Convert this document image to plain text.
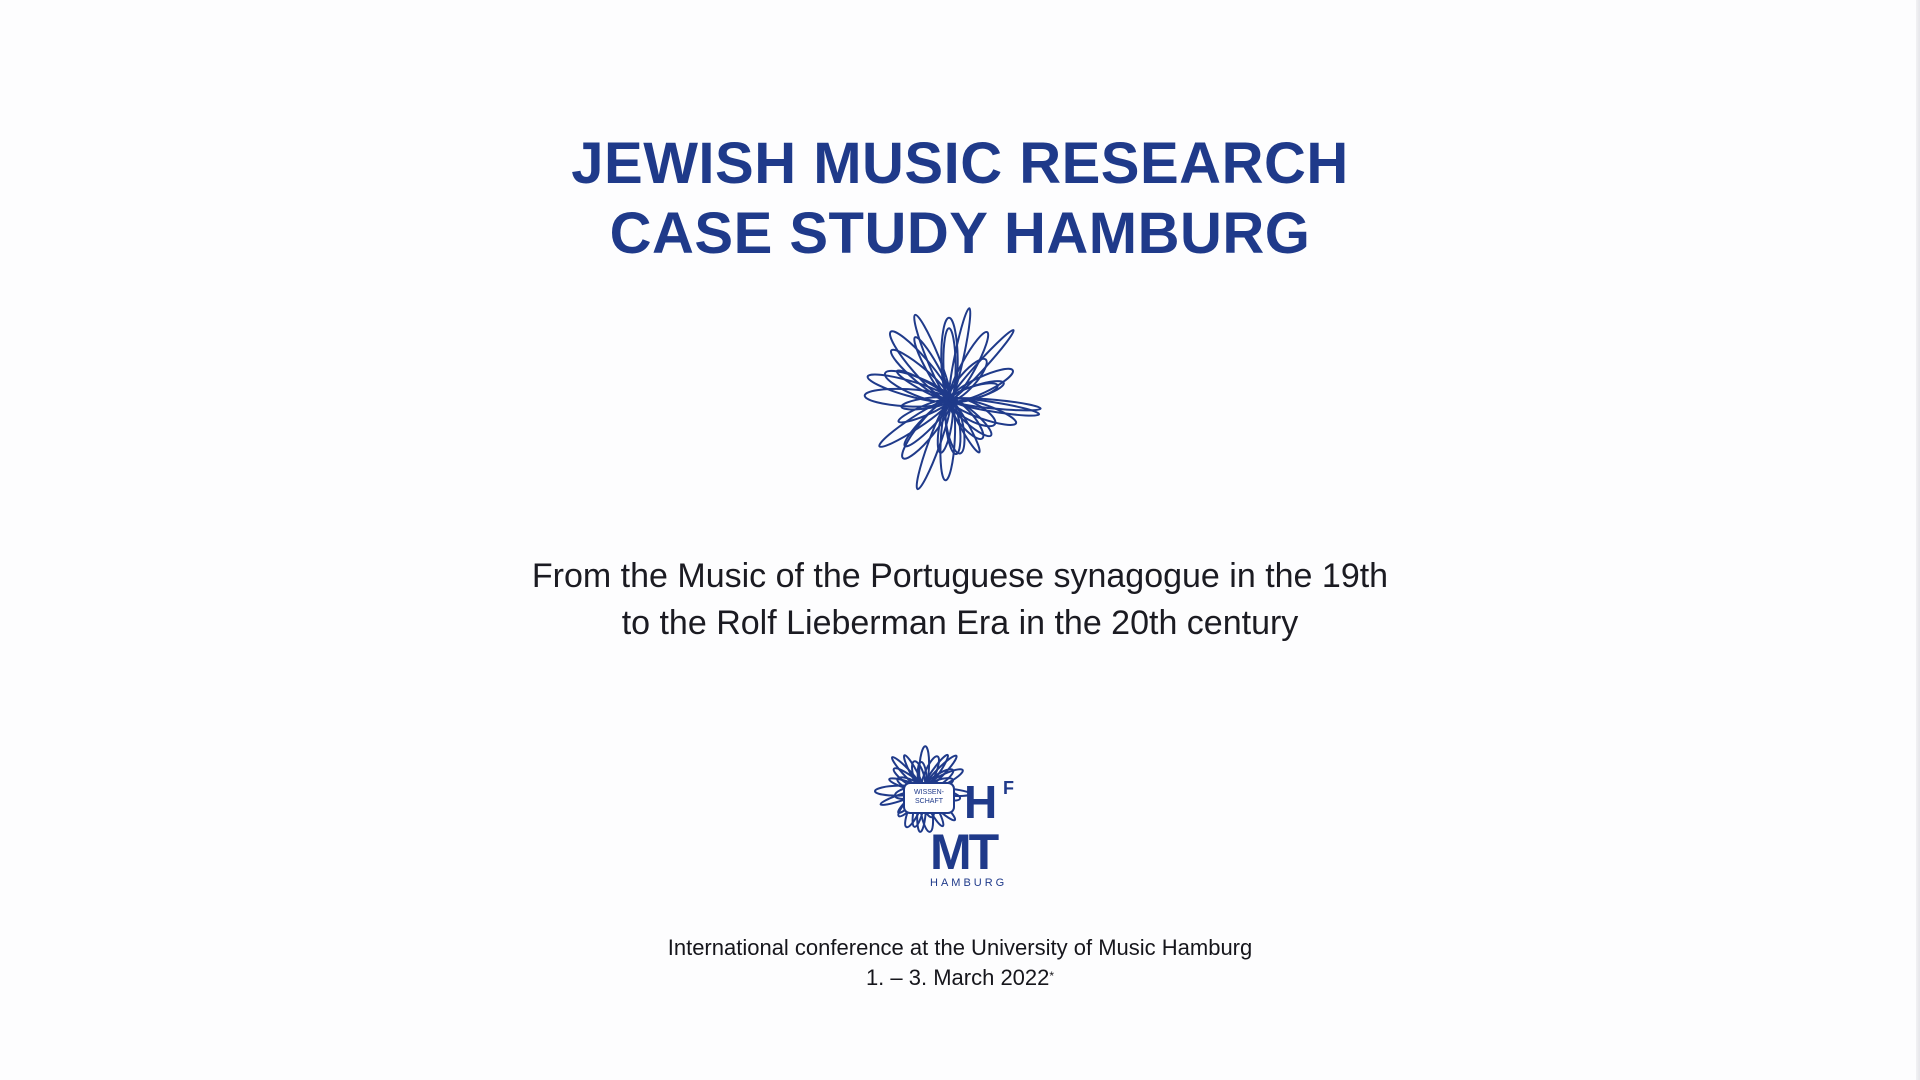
JEWISH MUSIC RESEARCH
CASE STUDY HAMBURG
From the Music of the Portuguese synagogue in the 19th
to the Rolf Lieberman Era in the 20th century
WISSEN-
SCHAFT H F
MT
HAMBURG
International conference at the University of Music Hamburg
1. – 3. March 2022*
